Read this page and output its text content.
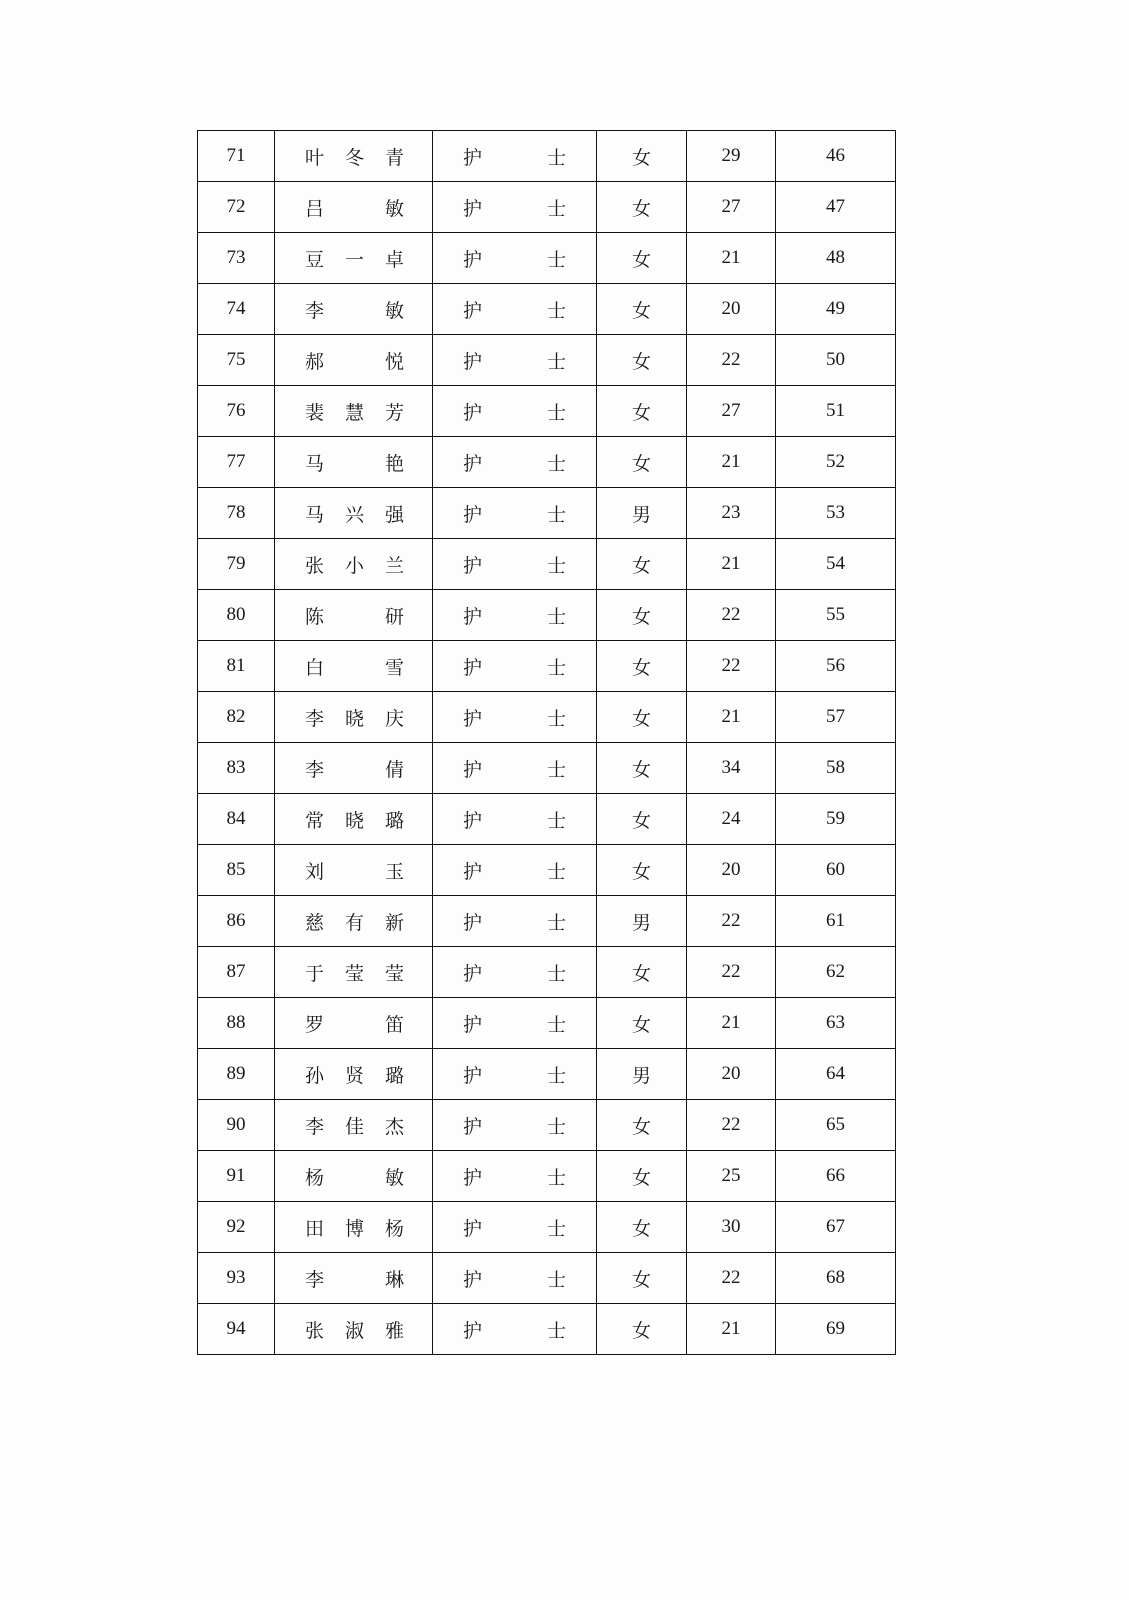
71	叶 冬 青	护 士	女	29	46
72	吕 敏	护 士	女	27	47
73	豆 一 卓	护 士	女	21	48
74	李 敏	护 士	女	20	49
75	郝 悦	护 士	女	22	50
76	裴 慧 芳	护 士	女	27	51
77	马 艳	护 士	女	21	52
78	马 兴 强	护 士	男	23	53
79	张 小 兰	护 士	女	21	54
80	陈 研	护 士	女	22	55
81	白 雪	护 士	女	22	56
82	李 晓 庆	护 士	女	21	57
83	李 倩	护 士	女	34	58
84	常 晓 璐	护 士	女	24	59
85	刘 玉	护 士	女	20	60
86	慈 有 新	护 士	男	22	61
87	于 莹 莹	护 士	女	22	62
88	罗 笛	护 士	女	21	63
89	孙 贤 璐	护 士	男	20	64
90	李 佳 杰	护 士	女	22	65
91	杨 敏	护 士	女	25	66
92	田 博 杨	护 士	女	30	67
93	李 琳	护 士	女	22	68
94	张 淑 雅	护 士	女	21	69
